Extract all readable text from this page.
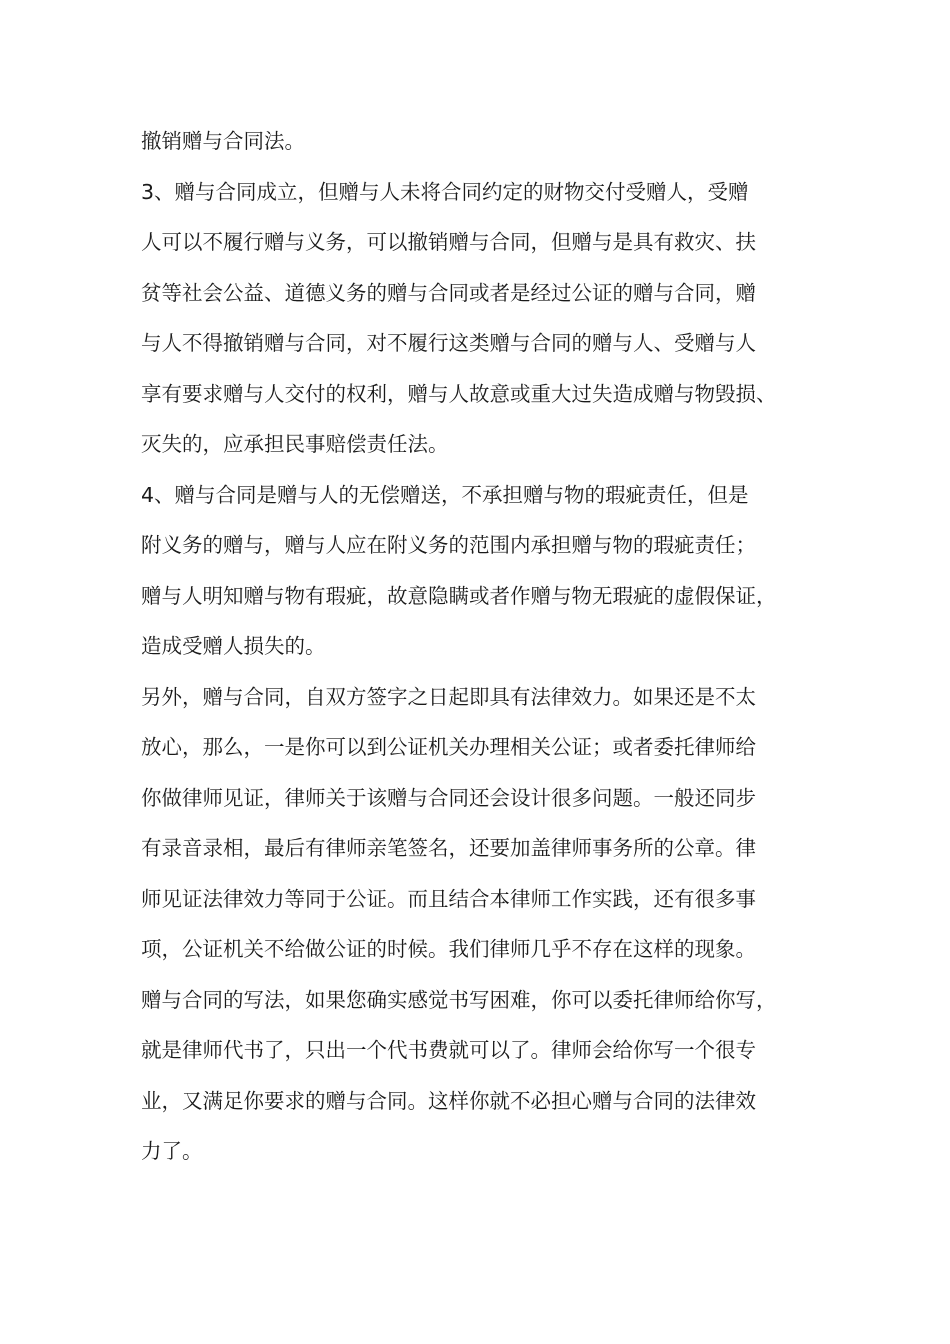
撤销赠与合同法。
3、赠与合同成立，但赠与人未将合同约定的财物交付受赠人，受赠
人可以不履行赠与义务，可以撤销赠与合同，但赠与是具有救灾、扶
贫等社会公益、道德义务的赠与合同或者是经过公证的赠与合同，赠
与人不得撤销赠与合同，对不履行这类赠与合同的赠与人、受赠与人
享有要求赠与人交付的权利，赠与人故意或重大过失造成赠与物毁损、
灭失的，应承担民事赔偿责任法。
4、赠与合同是赠与人的无偿赠送，不承担赠与物的瑕疵责任，但是
附义务的赠与，赠与人应在附义务的范围内承担赠与物的瑕疵责任；
赠与人明知赠与物有瑕疵，故意隐瞒或者作赠与物无瑕疵的虚假保证，
造成受赠人损失的。
另外，赠与合同，自双方签字之日起即具有法律效力。如果还是不太
放心，那么，一是你可以到公证机关办理相关公证；或者委托律师给
你做律师见证，律师关于该赠与合同还会设计很多问题。一般还同步
有录音录相，最后有律师亲笔签名，还要加盖律师事务所的公章。律
师见证法律效力等同于公证。而且结合本律师工作实践，还有很多事
项，公证机关不给做公证的时候。我们律师几乎不存在这样的现象。
赠与合同的写法，如果您确实感觉书写困难，你可以委托律师给你写，
就是律师代书了，只出一个代书费就可以了。律师会给你写一个很专
业，又满足你要求的赠与合同。这样你就不必担心赠与合同的法律效
力了。
